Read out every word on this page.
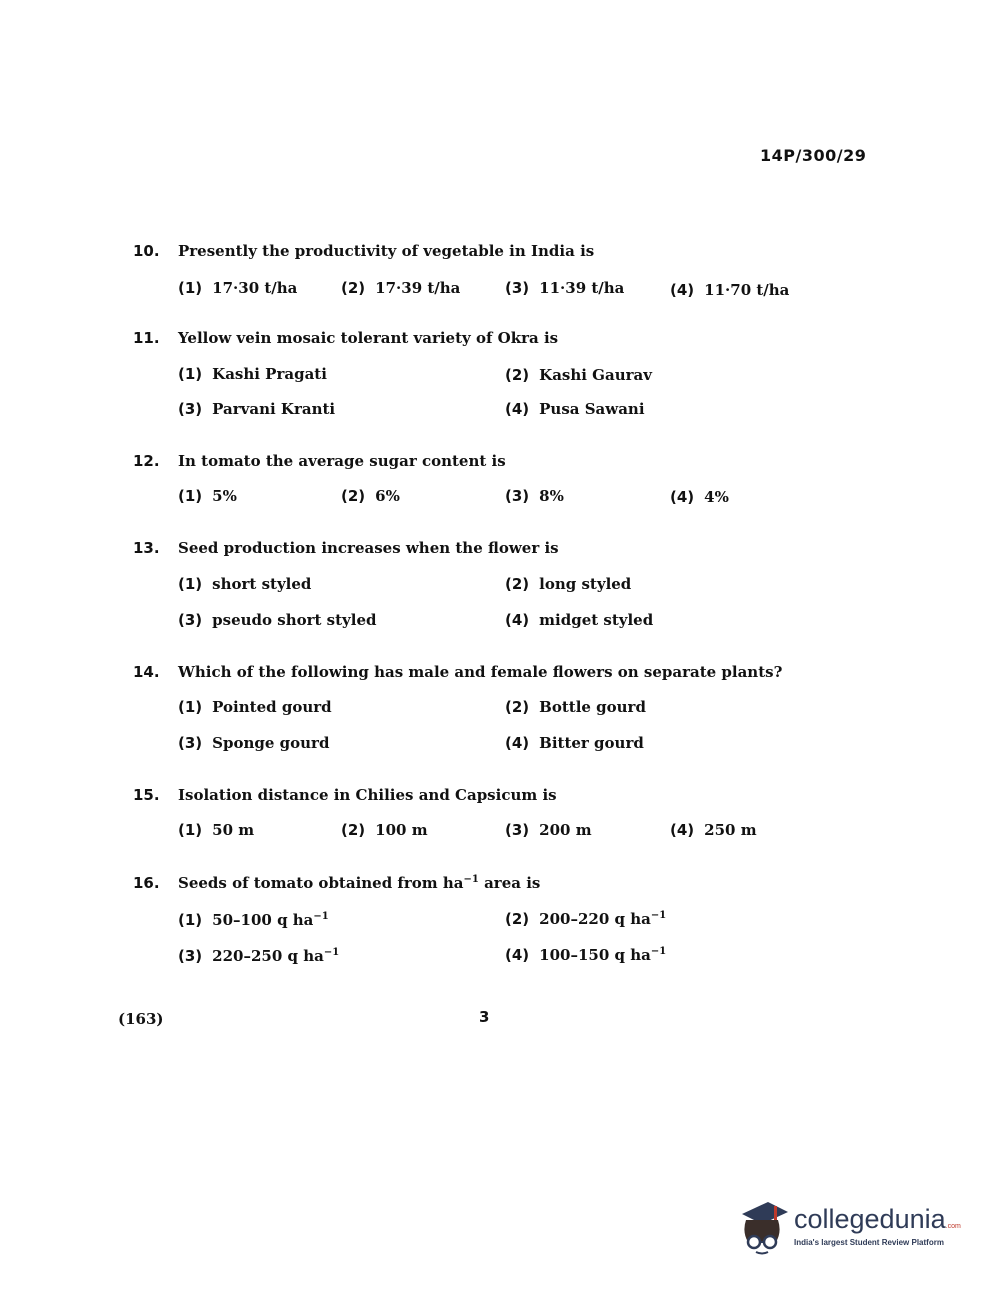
14P/300/29
10. Presently the productivity of vegetable in India is
(1) 17·30 t/ha	(2) 17·39 t/ha	(3) 11·39 t/ha	(4) 11·70 t/ha
11. Yellow vein mosaic tolerant variety of Okra is
(1) Kashi Pragati	(2) Kashi Gaurav
(3) Parvani Kranti	(4) Pusa Sawani
12. In tomato the average sugar content is
(1) 5%	(2) 6%	(3) 8%	(4) 4%
13. Seed production increases when the flower is
(1) short styled	(2) long styled
(3) pseudo short styled	(4) midget styled
14. Which of the following has male and female flowers on separate plants?
(1) Pointed gourd	(2) Bottle gourd
(3) Sponge gourd	(4) Bitter gourd
15. Isolation distance in Chilies and Capsicum is
(1) 50 m	(2) 100 m	(3) 200 m	(4) 250 m
16. Seeds of tomato obtained from $ha^{-1}$ area is
(1) 50–100 q $ha^{-1}$	(2) 200–220 q $ha^{-1}$
(3) 220–250 q $ha^{-1}$	(4) 100–150 q $ha^{-1}$
(163)	3
collegedunia.com
India's largest Student Review Platform
